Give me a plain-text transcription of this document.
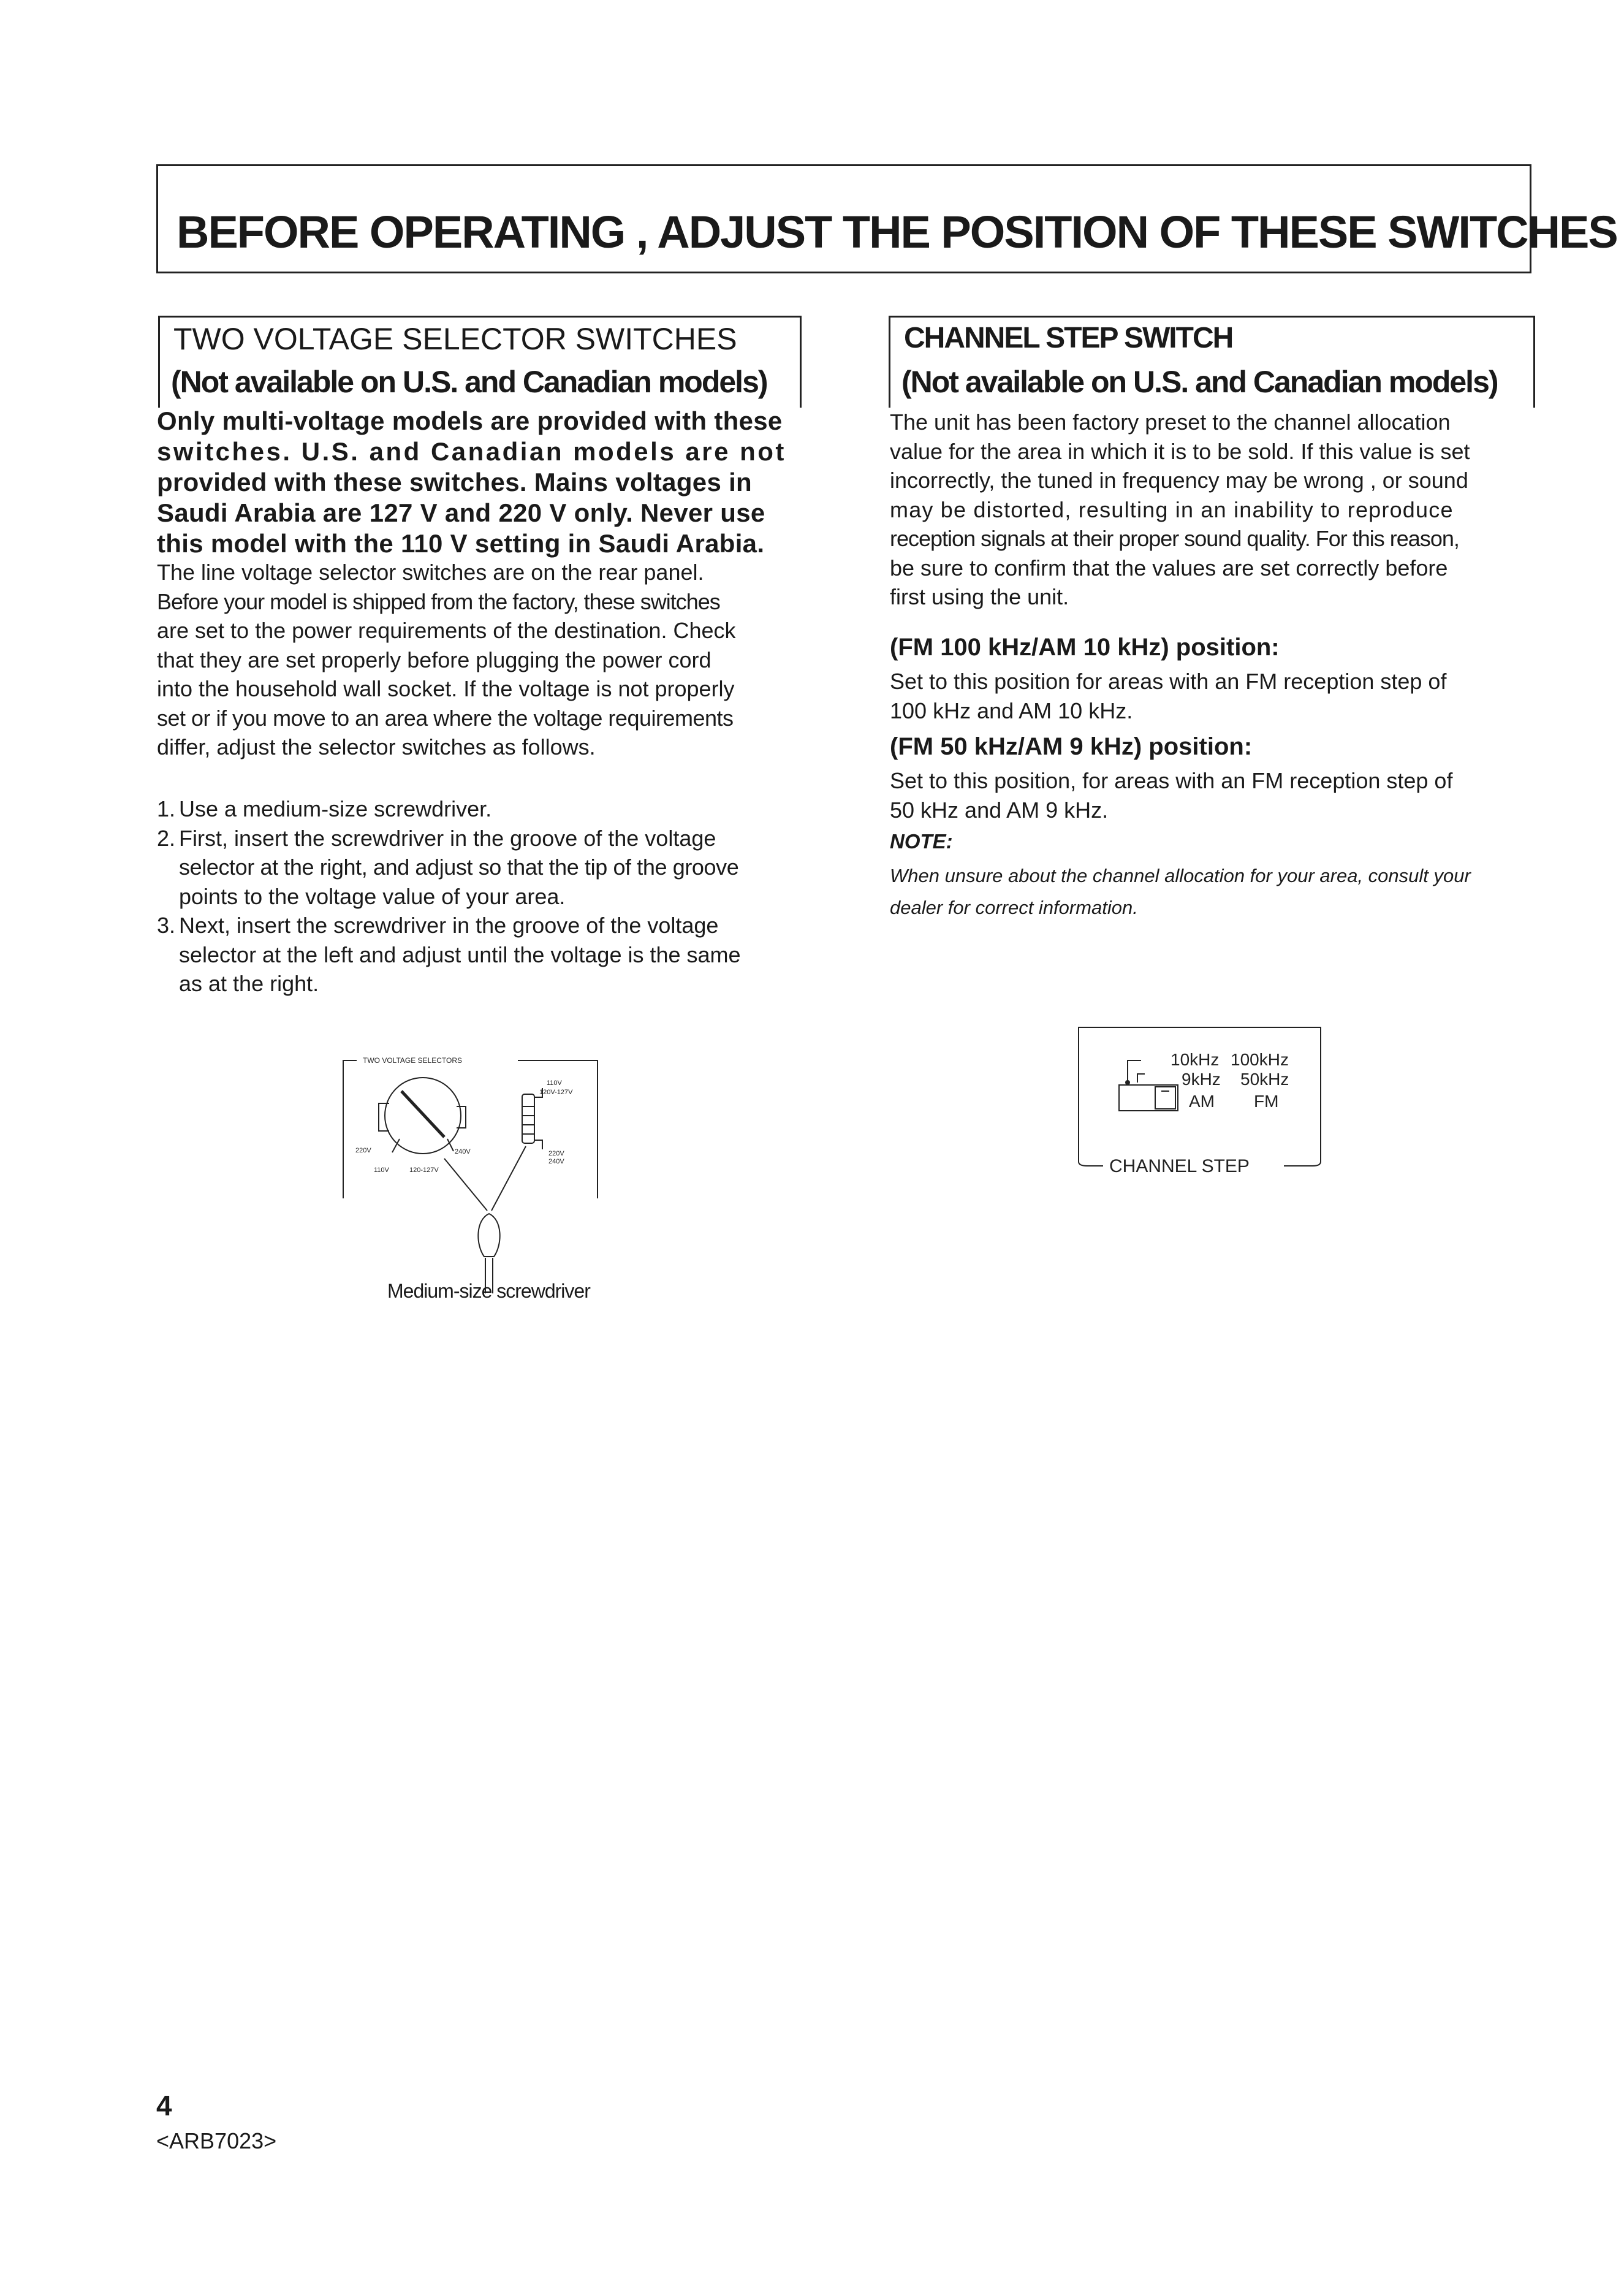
BEFORE OPERATING , ADJUST THE POSITION OF THESE SWITCHES
TWO VOLTAGE SELECTOR SWITCHES
(Not available on U.S. and Canadian models)
Only multi-voltage models are provided with these
switches. U.S. and Canadian models are not
provided with these switches. Mains voltages in
Saudi Arabia are 127 V and 220 V only. Never use
this model with the 110 V setting in Saudi Arabia.

The line voltage selector switches are on the rear panel.

Before your model is shipped from the factory, these switches

are set to the power requirements of the destination. Check

that they are set properly before plugging the power cord

into the household wall socket. If the voltage is not properly

set or if you move to an area where the voltage requirements

differ, adjust the selector switches as follows.

1. Use a medium-size screwdriver.
2. First, insert the screwdriver in the groove of the voltage
selector at the right, and adjust so that the tip of the groove
points to the voltage value of your area.
3. Next, insert the screwdriver in the groove of the voltage
selector at the left and adjust until the voltage is the same
as at the right.
TWO VOLTAGE SELECTORS
110V
120V-127V
220V	240V
110V	120-127V
220V
240V
Medium-size screwdriver
CHANNEL STEP SWITCH
(Not available on U.S. and Canadian models)

The unit has been factory preset to the channel allocation

value for the area in which it is to be sold. If this value is set

incorrectly, the tuned in frequency may be wrong , or sound

may be distorted, resulting in an inability to reproduce

reception signals at their proper sound quality. For this reason,

be sure to confirm that the values are set correctly before

first using the unit.

(FM 100 kHz/AM 10 kHz) position:

Set to this position for areas with an FM reception step of

100 kHz and AM 10 kHz.

(FM 50 kHz/AM 9 kHz) position:

Set to this position, for areas with an FM reception step of

50 kHz and AM 9 kHz.

NOTE:
When unsure about the channel allocation for your area, consult your
dealer for correct information.
10kHz 100kHz
9kHz 50kHz
AM FM
CHANNEL STEP
4
<ARB7023>
